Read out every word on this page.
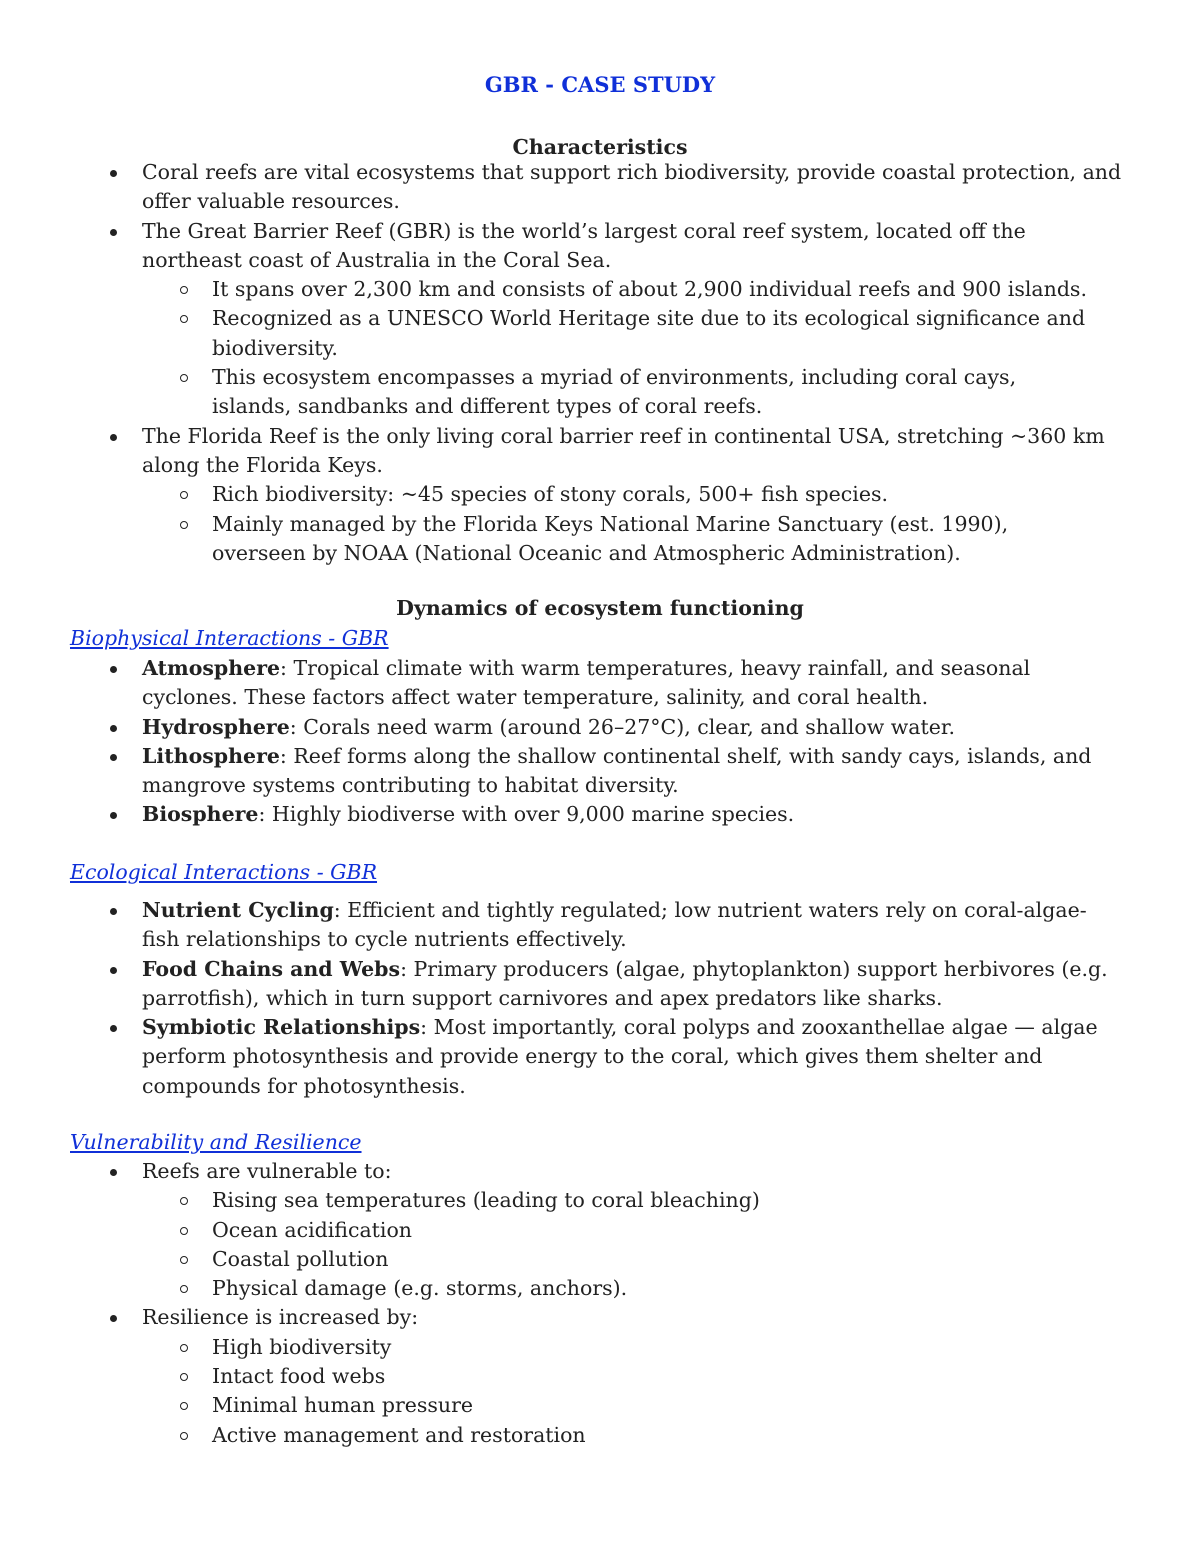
GBR - CASE STUDY
Characteristics
Coral reefs are vital ecosystems that support rich biodiversity, provide coastal protection, and offer valuable resources.
The Great Barrier Reef (GBR) is the world’s largest coral reef system, located off the northeast coast of Australia in the Coral Sea.
It spans over 2,300 km and consists of about 2,900 individual reefs and 900 islands.
Recognized as a UNESCO World Heritage site due to its ecological significance and biodiversity.
This ecosystem encompasses a myriad of environments, including coral cays, islands, sandbanks and different types of coral reefs.
The Florida Reef is the only living coral barrier reef in continental USA, stretching ~360 km along the Florida Keys.
Rich biodiversity: ~45 species of stony corals, 500+ fish species.
Mainly managed by the Florida Keys National Marine Sanctuary (est. 1990), overseen by NOAA (National Oceanic and Atmospheric Administration).
Dynamics of ecosystem functioning
Biophysical Interactions - GBR
Atmosphere: Tropical climate with warm temperatures, heavy rainfall, and seasonal cyclones. These factors affect water temperature, salinity, and coral health.
Hydrosphere: Corals need warm (around 26–27°C), clear, and shallow water.
Lithosphere: Reef forms along the shallow continental shelf, with sandy cays, islands, and mangrove systems contributing to habitat diversity.
Biosphere: Highly biodiverse with over 9,000 marine species.
Ecological Interactions - GBR
Nutrient Cycling: Efficient and tightly regulated; low nutrient waters rely on coral-algae-fish relationships to cycle nutrients effectively.
Food Chains and Webs: Primary producers (algae, phytoplankton) support herbivores (e.g. parrotfish), which in turn support carnivores and apex predators like sharks.
Symbiotic Relationships: Most importantly, coral polyps and zooxanthellae algae — algae perform photosynthesis and provide energy to the coral, which gives them shelter and compounds for photosynthesis.
Vulnerability and Resilience
Reefs are vulnerable to:
Rising sea temperatures (leading to coral bleaching)
Ocean acidification
Coastal pollution
Physical damage (e.g. storms, anchors).
Resilience is increased by:
High biodiversity
Intact food webs
Minimal human pressure
Active management and restoration
